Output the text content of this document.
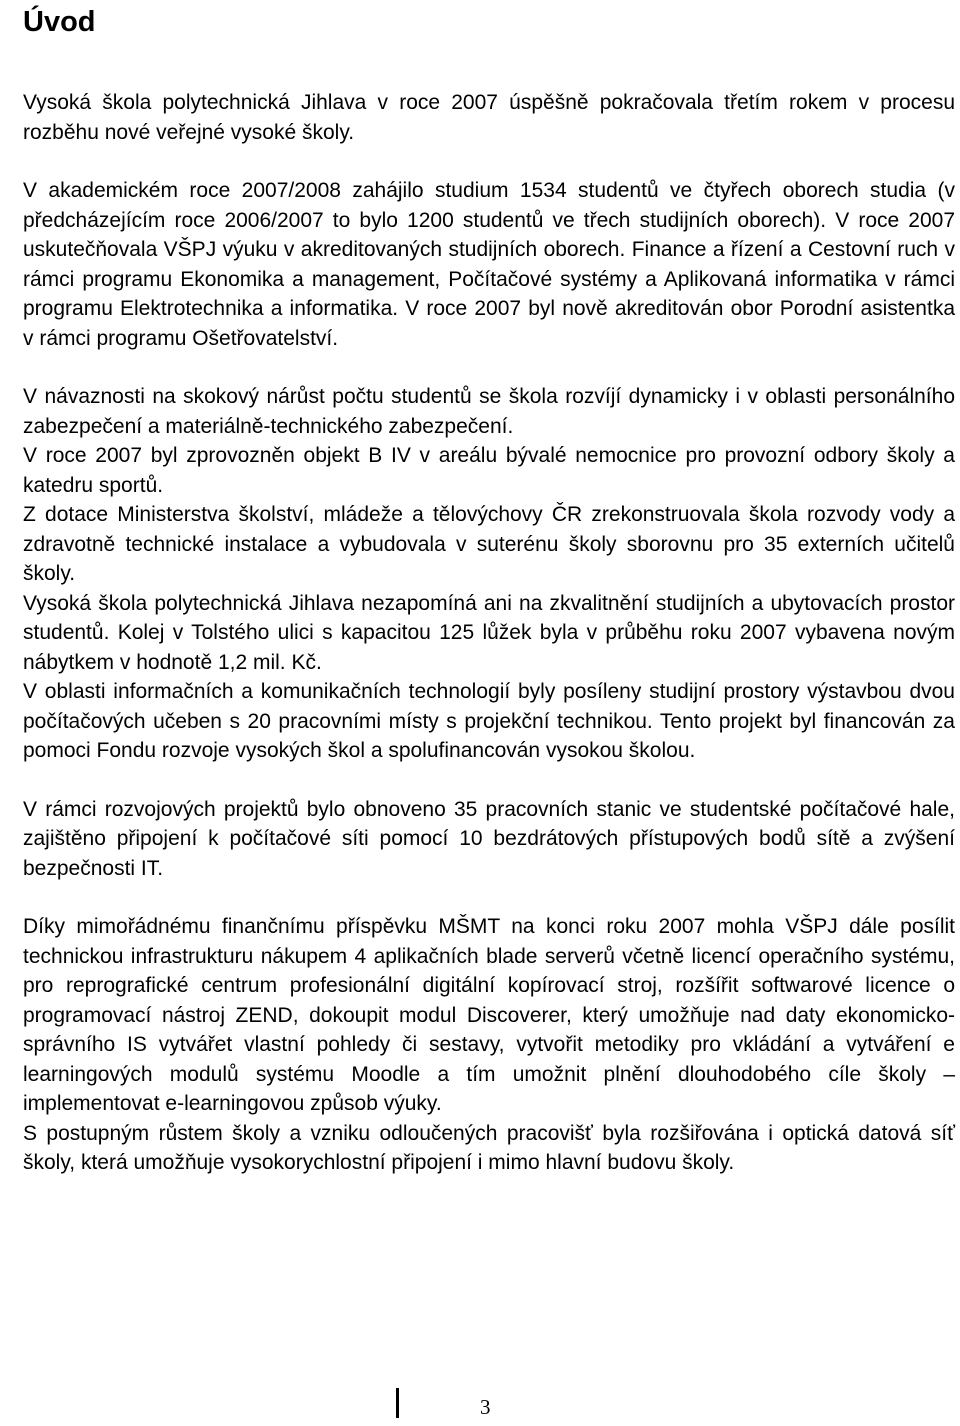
Úvod

Vysoká škola polytechnická Jihlava v roce 2007 úspěšně pokračovala třetím rokem v procesu rozběhu nové veřejné vysoké školy.

V akademickém roce 2007/2008 zahájilo studium 1534 studentů ve čtyřech oborech studia (v předcházejícím roce 2006/2007 to bylo 1200 studentů ve třech studijních oborech). V roce 2007 uskutečňovala VŠPJ výuku v akreditovaných studijních oborech. Finance a řízení a Cestovní ruch v rámci programu Ekonomika a management, Počítačové systémy a Aplikovaná informatika v rámci programu Elektrotechnika a informatika. V roce 2007 byl nově akreditován obor Porodní asistentka v rámci programu Ošetřovatelství.

V návaznosti na skokový nárůst počtu studentů se škola rozvíjí dynamicky i v oblasti personálního zabezpečení a materiálně-technického zabezpečení.

V roce 2007 byl zprovozněn objekt B IV v areálu bývalé nemocnice pro provozní odbory školy a katedru sportů.

Z dotace Ministerstva školství, mládeže a tělovýchovy ČR zrekonstruovala škola rozvody vody a zdravotně technické instalace a vybudovala v suterénu školy sborovnu pro 35 externích učitelů školy.

Vysoká škola polytechnická Jihlava nezapomíná ani na zkvalitnění studijních a ubytovacích prostor studentů. Kolej v Tolstého ulici s kapacitou 125 lůžek byla v průběhu roku 2007 vybavena novým nábytkem v hodnotě 1,2 mil. Kč.

V oblasti informačních a komunikačních technologií byly posíleny studijní prostory výstavbou dvou počítačových učeben s 20 pracovními místy s projekční technikou. Tento projekt byl financován za pomoci Fondu rozvoje vysokých škol a spolufinancován vysokou školou.

V rámci rozvojových projektů bylo obnoveno 35 pracovních stanic ve studentské počítačové hale, zajištěno připojení k počítačové síti pomocí 10 bezdrátových přístupových bodů sítě a zvýšení bezpečnosti IT.

Díky mimořádnému finančnímu příspěvku MŠMT na konci roku 2007 mohla VŠPJ dále posílit technickou infrastrukturu nákupem 4 aplikačních blade serverů včetně licencí operačního systému, pro reprografické centrum profesionální digitální kopírovací stroj, rozšířit softwarové licence o programovací nástroj ZEND, dokoupit modul Discoverer, který umožňuje nad daty ekonomicko-správního IS vytvářet vlastní pohledy či sestavy, vytvořit metodiky pro vkládání a vytváření e learningových modulů systému Moodle a tím umožnit plnění dlouhodobého cíle školy – implementovat e-learningovou způsob výuky.

S postupným růstem školy a vzniku odloučených pracovišť byla rozšiřována i optická datová síť školy, která umožňuje vysokorychlostní připojení i mimo hlavní budovu školy.

3
